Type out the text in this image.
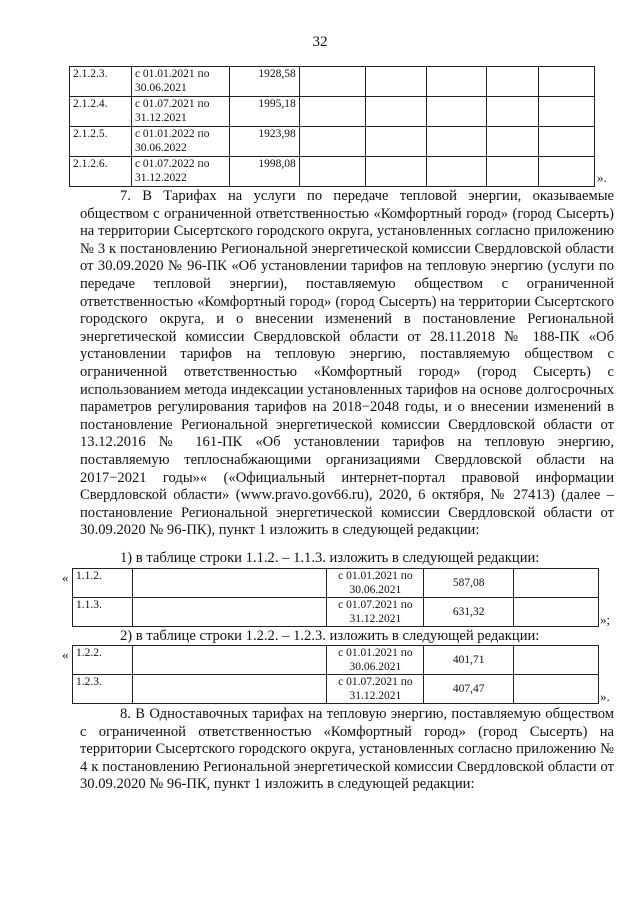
32
2.1.2.3.	с 01.01.2021 по 30.06.2021	1928,58					
2.1.2.4.	с 01.07.2021 по 31.12.2021	1995,18					
2.1.2.5.	с 01.01.2022 по 30.06.2022	1923,98					
2.1.2.6.	с 01.07.2022 по 31.12.2022	1998,08					
».
7. В Тарифах на услуги по передаче тепловой энергии, оказываемые обществом с ограниченной ответственностью «Комфортный город» (город Сысерть) на территории Сысертского городского округа, установленных согласно приложению № 3 к постановлению Региональной энергетической комиссии Свердловской области от 30.09.2020 № 96-ПК «Об установлении тарифов на тепловую энергию (услуги по передаче тепловой энергии), поставляемую обществом с ограниченной ответственностью «Комфортный город» (город Сысерть) на территории Сысертского городского округа, и о внесении изменений в постановление Региональной энергетической комиссии Свердловской области от 28.11.2018 № 188-ПК «Об установлении тарифов на тепловую энергию, поставляемую обществом с ограниченной ответственностью «Комфортный город» (город Сысерть) с использованием метода индексации установленных тарифов на основе долгосрочных параметров регулирования тарифов на 2018−2048 годы, и о внесении изменений в постановление Региональной энергетической комиссии Свердловской области от 13.12.2016 № 161-ПК «Об установлении тарифов на тепловую энергию, поставляемую теплоснабжающими организациями Свердловской области на 2017−2021 годы»« («Официальный интернет-портал правовой информации Свердловской области» (www.pravo.gov66.ru), 2020, 6 октября, № 27413) (далее – постановление Региональной энергетической комиссии Свердловской области от 30.09.2020 № 96-ПК), пункт 1 изложить в следующей редакции:
1) в таблице строки 1.1.2. – 1.1.3. изложить в следующей редакции:
« 1.1.2.		с 01.01.2021 по 30.06.2021	587,08	
1.1.3.		с 01.07.2021 по 31.12.2021	631,32		»;
2) в таблице строки 1.2.2. – 1.2.3. изложить в следующей редакции:
« 1.2.2.		с 01.01.2021 по 30.06.2021	401,71	
1.2.3.		с 01.07.2021 по 31.12.2021	407,47		».
8. В Одноставочных тарифах на тепловую энергию, поставляемую обществом с ограниченной ответственностью «Комфортный город» (город Сысерть) на территории Сысертского городского округа, установленных согласно приложению № 4 к постановлению Региональной энергетической комиссии Свердловской области от 30.09.2020 № 96-ПК, пункт 1 изложить в следующей редакции:
